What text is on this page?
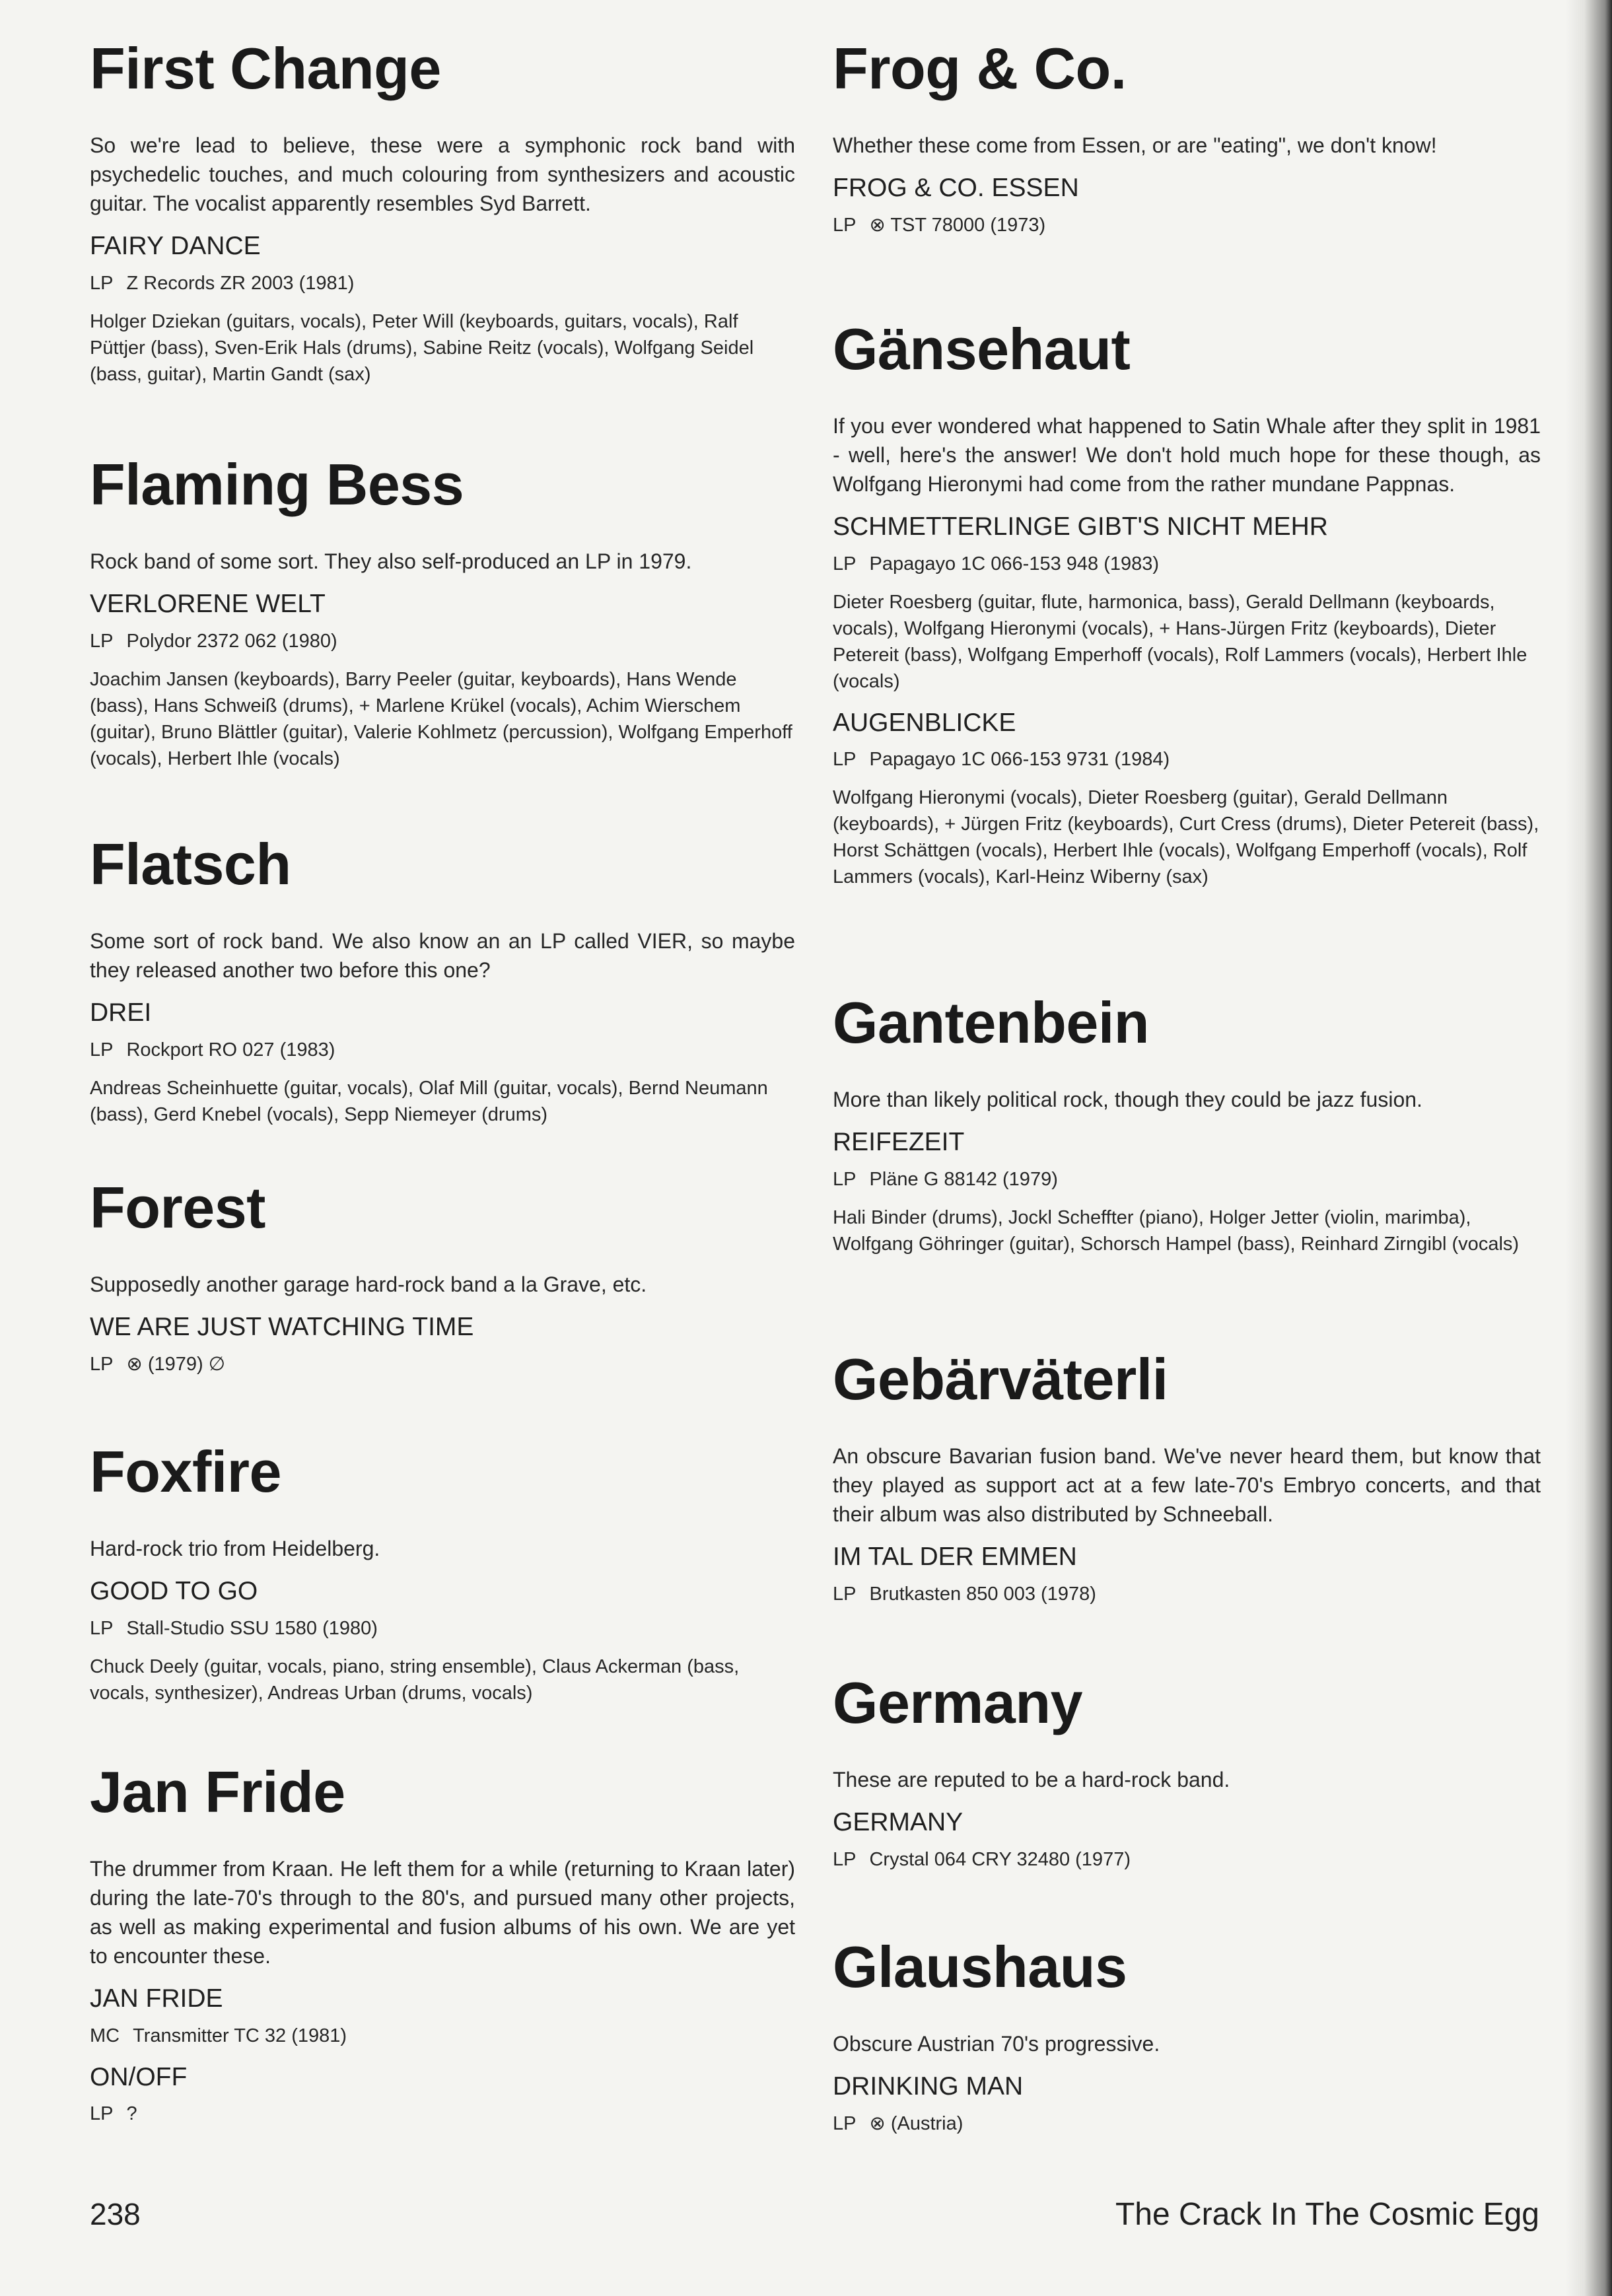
First Change

So we're lead to believe, these were a symphonic rock band with psychedelic touches, and much colouring from synthesizers and acoustic guitar. The vocalist apparently resembles Syd Barrett.

FAIRY DANCE
LP Z Records ZR 2003 (1981)

Holger Dziekan (guitars, vocals), Peter Will (keyboards, guitars, vocals), Ralf Püttjer (bass), Sven-Erik Hals (drums), Sabine Reitz (vocals), Wolfgang Seidel (bass, guitar), Martin Gandt (sax)

Flaming Bess

Rock band of some sort. They also self-produced an LP in 1979.

VERLORENE WELT
LP Polydor 2372 062 (1980)

Joachim Jansen (keyboards), Barry Peeler (guitar, keyboards), Hans Wende (bass), Hans Schweiß (drums), + Marlene Krükel (vocals), Achim Wierschem (guitar), Bruno Blättler (guitar), Valerie Kohlmetz (percussion), Wolfgang Emperhoff (vocals), Herbert Ihle (vocals)

Flatsch

Some sort of rock band. We also know an an LP called VIER, so maybe they released another two before this one?

DREI
LP Rockport RO 027 (1983)

Andreas Scheinhuette (guitar, vocals), Olaf Mill (guitar, vocals), Bernd Neumann (bass), Gerd Knebel (vocals), Sepp Niemeyer (drums)

Forest

Supposedly another garage hard-rock band a la Grave, etc.

WE ARE JUST WATCHING TIME
LP ⊗ (1979) ∅
Foxfire

Hard-rock trio from Heidelberg.

GOOD TO GO
LP Stall-Studio SSU 1580 (1980)

Chuck Deely (guitar, vocals, piano, string ensemble), Claus Ackerman (bass, vocals, synthesizer), Andreas Urban (drums, vocals)

Jan Fride

The drummer from Kraan. He left them for a while (returning to Kraan later) during the late-70's through to the 80's, and pursued many other projects, as well as making experimental and fusion albums of his own. We are yet to encounter these.

JAN FRIDE
MC Transmitter TC 32 (1981)
ON/OFF
LP ?
Frog & Co.

Whether these come from Essen, or are "eating", we don't know!

FROG & CO. ESSEN
LP ⊗ TST 78000 (1973)
Gänsehaut

If you ever wondered what happened to Satin Whale after they split in 1981 - well, here's the answer! We don't hold much hope for these though, as Wolfgang Hieronymi had come from the rather mundane Pappnas.

SCHMETTERLINGE GIBT'S NICHT MEHR
LP Papagayo 1C 066-153 948 (1983)

Dieter Roesberg (guitar, flute, harmonica, bass), Gerald Dellmann (keyboards, vocals), Wolfgang Hieronymi (vocals), + Hans-Jürgen Fritz (keyboards), Dieter Petereit (bass), Wolfgang Emperhoff (vocals), Rolf Lammers (vocals), Herbert Ihle (vocals)

AUGENBLICKE
LP Papagayo 1C 066-153 9731 (1984)

Wolfgang Hieronymi (vocals), Dieter Roesberg (guitar), Gerald Dellmann (keyboards), + Jürgen Fritz (keyboards), Curt Cress (drums), Dieter Petereit (bass), Horst Schättgen (vocals), Herbert Ihle (vocals), Wolfgang Emperhoff (vocals), Rolf Lammers (vocals), Karl-Heinz Wiberny (sax)

Gantenbein

More than likely political rock, though they could be jazz fusion.

REIFEZEIT
LP Pläne G 88142 (1979)

Hali Binder (drums), Jockl Scheffter (piano), Holger Jetter (violin, marimba), Wolfgang Göhringer (guitar), Schorsch Hampel (bass), Reinhard Zirngibl (vocals)

Gebärväterli

An obscure Bavarian fusion band. We've never heard them, but know that they played as support act at a few late-70's Embryo concerts, and that their album was also distributed by Schneeball.

IM TAL DER EMMEN
LP Brutkasten 850 003 (1978)
Germany

These are reputed to be a hard-rock band.

GERMANY
LP Crystal 064 CRY 32480 (1977)
Glaushaus

Obscure Austrian 70's progressive.

DRINKING MAN
LP ⊗ (Austria)
238	The Crack In The Cosmic Egg
